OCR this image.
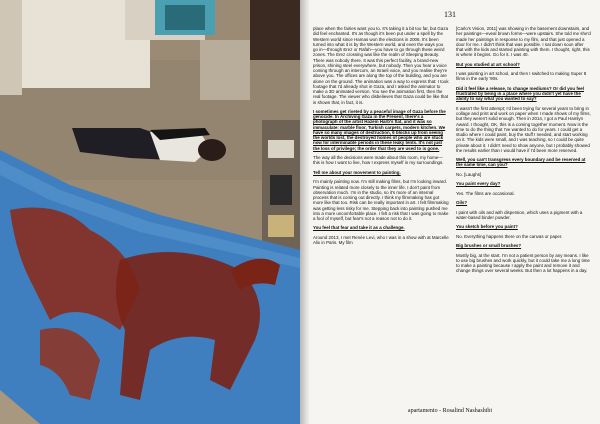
131

place when the fairies want you to. It's taking it a bit too far, but Gaza did feel enchanted. It's as though it's been put under a spell by the Western world since Hamas won the elections in 2006. It's been turned into what it is by the Western world, and even the ways you go in—through Erez or Rafah—you have to go through these weird zones. The Erez crossing was like the realm of Sleeping Beauty. There was nobody there. It was this perfect facility, a brand-new prison, shining steel everywhere, but nobody. Then you hear a voice coming through an intercom, an Israeli voice, and you realise they're above you. The offices are along the top of the building, and you are alone on the ground. The animation was a way to express that: I took footage that I'd already shot in Gaza, and I asked the animator to make a 3D animated version. You see the animation first, then the real footage. The viewer who disbelieves that Gaza could be like that is shown that, in fact, it is.

I sometimes get riveted by a peaceful image of Gaza before the genocide. In Archiving Gaza in the Present, there's a photograph of the artist Hazem Harb's flat, and it was so immaculate: marble floor, Turkish carpets, modern kitchen. We have so many images of destruction, 6 blocks up from seeing the worlds lost, the destroyed homes of people who are stuck now for interminable periods in these leaky tents. It's not just the loss of privilege; the order that they are used to is gone.

The way all the decisions were made about this room, my home—this is how I want to live, how I express myself in my surroundings.

Tell me about your movement to painting.

I'm mainly painting now. I'm still making films, but I'm looking inward. Painting is related more closely to the inner life. I don't paint from observation much. I'm in the studio, so it's more of an internal process that is coming out directly. I think my filmmaking has got more like that too. Risk can be really important in art. I felt filmmaking was getting less risky for me. Stepping back into painting pushed me into a more uncomfortable place. I felt a risk that I was going to make a fool of myself, but fear's not a reason not to do it.

You feel that fear and take it as a challenge.

Around 2013, I met Renée Levi, who I was in a show with at Marcelle Alix in Paris. My film

[Carlo's Vision, 2011] was showing in the basement downstairs, and her paintings—eveal brown forms—were upstairs. She told me she'd made her paintings in response to my film, and that just opened a door for me. I didn't think that was possible. I sat down soon after that with the kids and started painting with them. I thought, right, this is where it begins. Go for it. I was 40.

But you studied at art school?

I was painting in art school, and then I switched to making Super 8 films in the early '90s.

Did it feel like a release, to change mediums? Or did you feel frustrated by being in a place where you didn't yet have the ability to say what you wanted to say?

It wasn't the first attempt; I'd been trying for several years to bring in collage and print and work on paper when I made shows of my films, but they weren't solid enough. Then in 2014, I got a Paul Hamlyn Award. I thought, OK, this is a coming together moment. Now is the time to do the thing that I've wanted to do for years. I could get a studio where I could paint, buy the stuff I needed, and start working on it. The kids were small, and I was teaching, so I could be quite private about it. I didn't need to show anyone, but I probably showed the results earlier than I would have if I'd been more reserved.

Well, you can't transgress every boundary and be reserved at the same time, can you?

No. [Laughs]

You paint every day?

Yes. The films are occasional.

Oils?

I paint with oils and with dispersion, which uses a pigment with a water-based binder powder.

You sketch before you paint?

No. Everything happens there on the canvas or paper.

Big brushes or small brushes?

Mostly big, at the start. I'm not a patient person by any means. I like to use big brushes and work quickly, but it could take me a long time to make a painting because I apply the paint and remove it and change things over several weeks. But then a lot happens in a day.

apartamento - Rosalind Nashashibi
